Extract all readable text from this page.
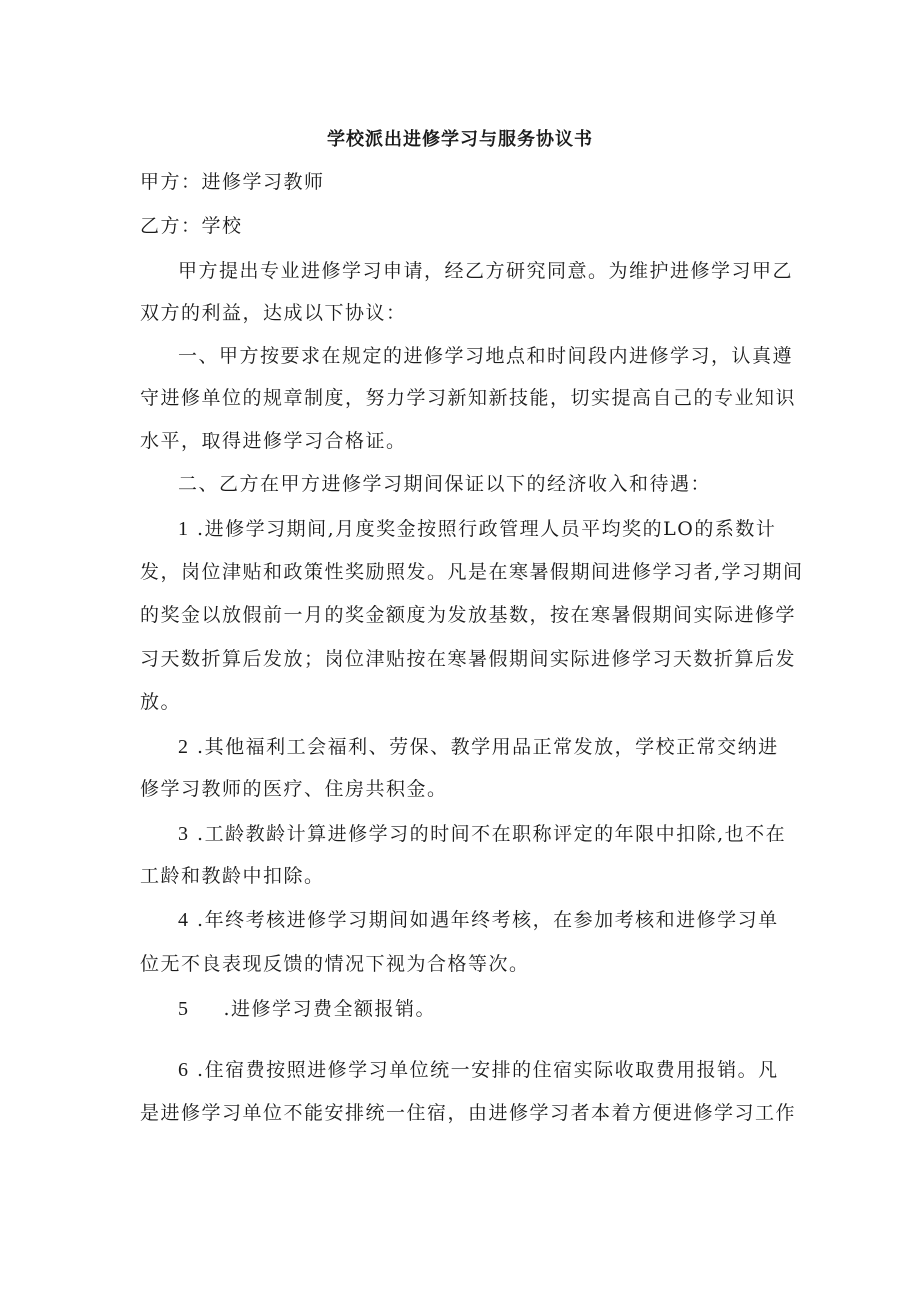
学校派出进修学习与服务协议书
甲方：进修学习教师
乙方：学校
甲方提出专业进修学习申请，经乙方研究同意。为维护进修学习甲乙
双方的利益，达成以下协议：
一、甲方按要求在规定的进修学习地点和时间段内进修学习，认真遵
守进修单位的规章制度，努力学习新知新技能，切实提高自己的专业知识
水平，取得进修学习合格证。
二、乙方在甲方进修学习期间保证以下的经济收入和待遇：
1 .进修学习期间,月度奖金按照行政管理人员平均奖的LO的系数计
发，岗位津贴和政策性奖励照发。凡是在寒暑假期间进修学习者,学习期间
的奖金以放假前一月的奖金额度为发放基数，按在寒暑假期间实际进修学
习天数折算后发放；岗位津贴按在寒暑假期间实际进修学习天数折算后发
放。
2 .其他福利工会福利、劳保、教学用品正常发放，学校正常交纳进
修学习教师的医疗、住房共积金。
3 .工龄教龄计算进修学习的时间不在职称评定的年限中扣除,也不在
工龄和教龄中扣除。
4 .年终考核进修学习期间如遇年终考核，在参加考核和进修学习单
位无不良表现反馈的情况下视为合格等次。
5 .进修学习费全额报销。
6 .住宿费按照进修学习单位统一安排的住宿实际收取费用报销。凡
是进修学习单位不能安排统一住宿，由进修学习者本着方便进修学习工作
